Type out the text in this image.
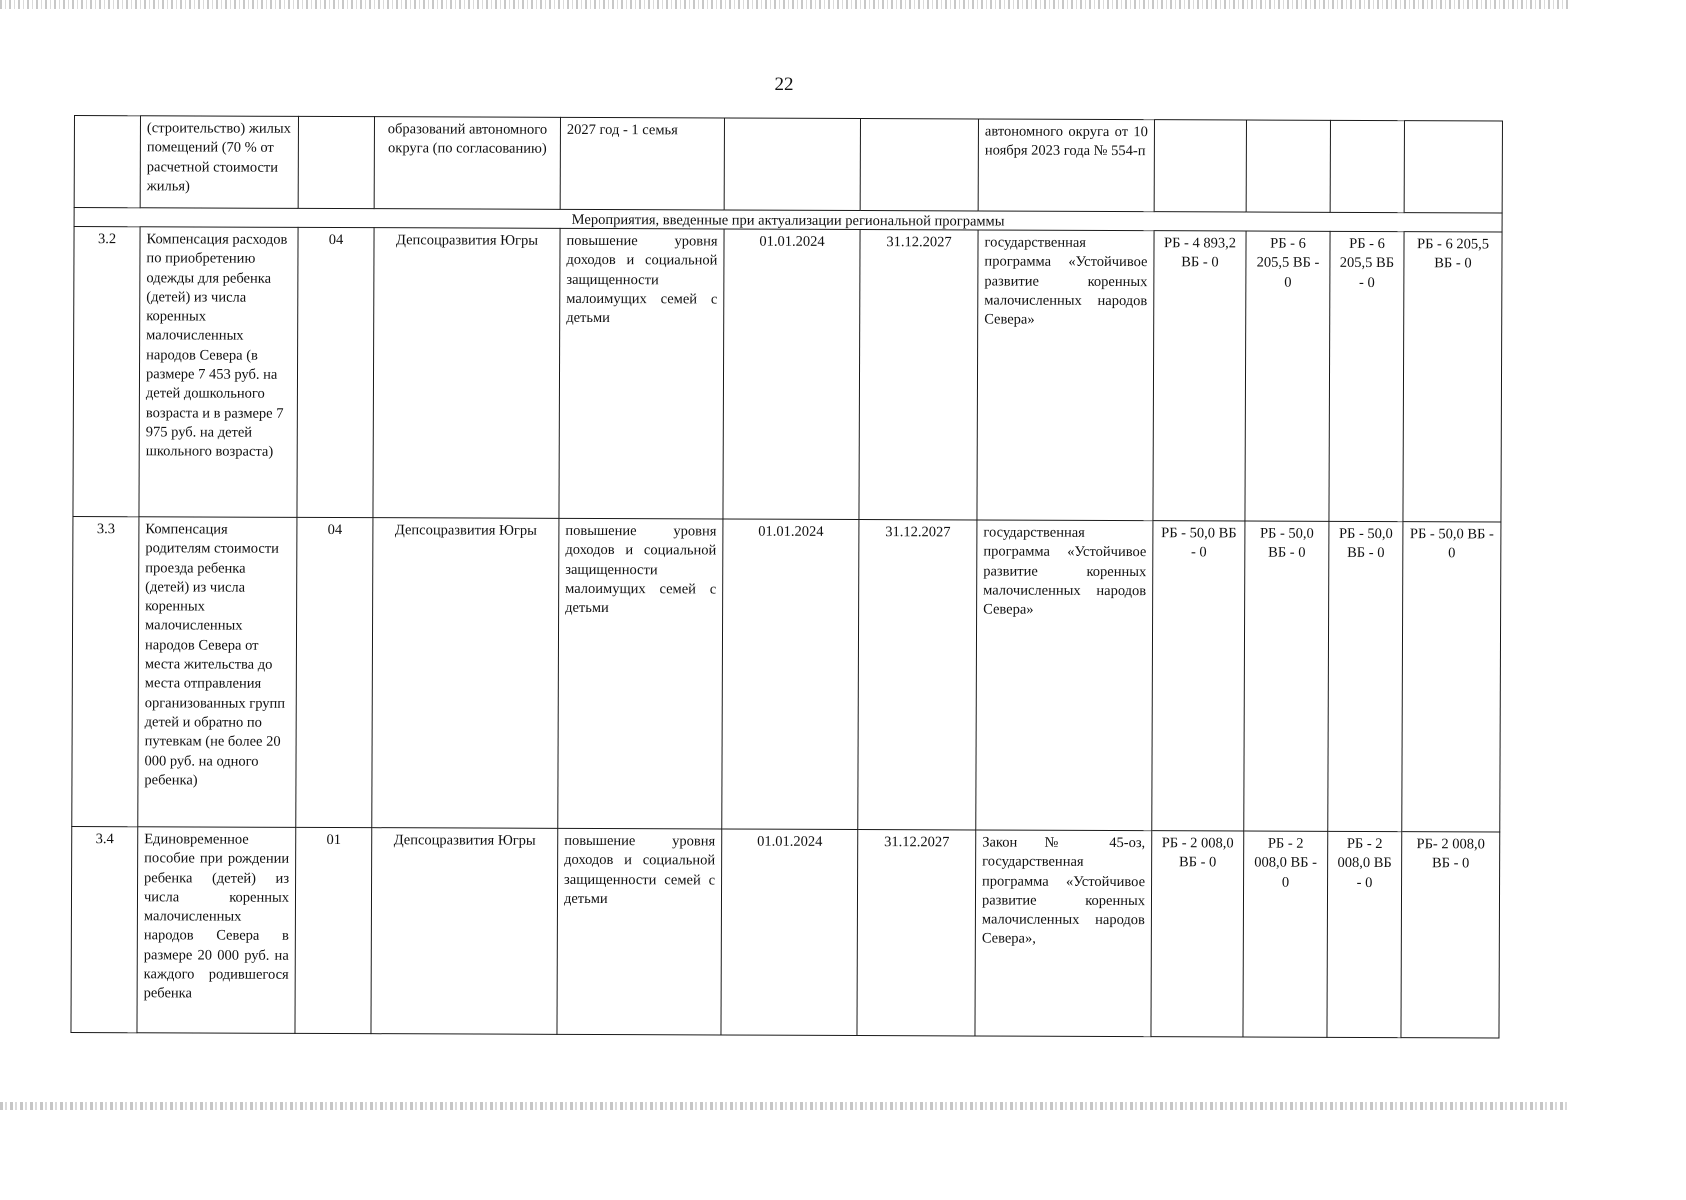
22
	(строительство) жилых помещений (70 % от расчетной стоимости жилья)		образований автономного округа (по согласованию)	2027 год - 1 семья			автономного округа от 10 ноября 2023 года № 554-п				
Мероприятия, введенные при актуализации региональной программы											
3.2	Компенсация расходов по приобретению одежды для ребенка (детей) из числа коренных малочисленных народов Севера (в размере 7 453 руб. на детей дошкольного возраста и в размере 7 975 руб. на детей школьного возраста)	04	Депсоцразвития Югры	повышение уровня доходов и социальной защищенности малоимущих семей с детьми	01.01.2024	31.12.2027	государственная программа «Устойчивое развитие коренных малочисленных народов Севера»	РБ - 4 893,2 ВБ - 0	РБ - 6 205,5 ВБ - 0	РБ - 6 205,5 ВБ - 0	РБ - 6 205,5 ВБ - 0
3.3	Компенсация родителям стоимости проезда ребенка (детей) из числа коренных малочисленных народов Севера от места жительства до места отправления организованных групп детей и обратно по путевкам (не более 20 000 руб. на одного ребенка)	04	Депсоцразвития Югры	повышение уровня доходов и социальной защищенности малоимущих семей с детьми	01.01.2024	31.12.2027	государственная программа «Устойчивое развитие коренных малочисленных народов Севера»	РБ - 50,0 ВБ - 0	РБ - 50,0 ВБ - 0	РБ - 50,0 ВБ - 0	РБ - 50,0 ВБ - 0
3.4	Единовременное пособие при рождении ребенка (детей) из числа коренных малочисленных народов Севера в размере 20 000 руб. на каждого родившегося ребенка	01	Депсоцразвития Югры	повышение уровня доходов и социальной защищенности семей с детьми	01.01.2024	31.12.2027	Закон № 45-оз, государственная программа «Устойчивое развитие коренных малочисленных народов Севера»,	РБ - 2 008,0 ВБ - 0	РБ - 2 008,0 ВБ - 0	РБ - 2 008,0 ВБ - 0	РБ- 2 008,0 ВБ - 0
